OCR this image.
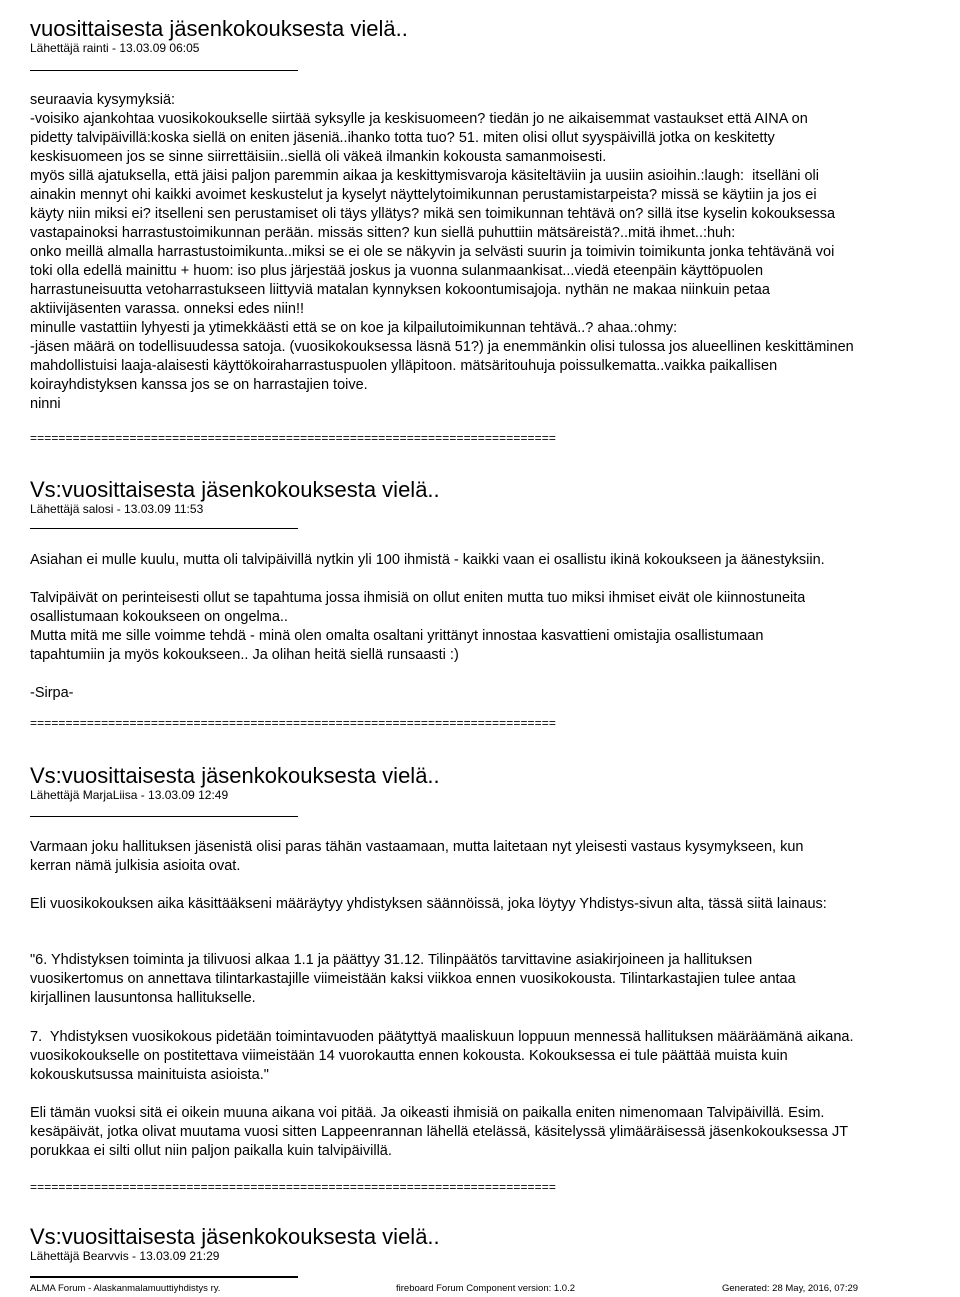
vuosittaisesta jäsenkokouksesta vielä..

Lähettäjä rainti - 13.03.09 06:05

seuraavia kysymyksiä:
-voisiko ajankohtaa vuosikokoukselle siirtää syksylle ja keskisuomeen? tiedän jo ne aikaisemmat vastaukset että AINA on
pidetty talvipäivillä:koska siellä on eniten jäseniä..ihanko totta tuo? 51. miten olisi ollut syyspäivillä jotka on keskitetty
keskisuomeen jos se sinne siirrettäisiin..siellä oli väkeä ilmankin kokousta samanmoisesti.
myös sillä ajatuksella, että jäisi paljon paremmin aikaa ja keskittymisvaroja käsiteltäviin ja uusiin asioihin.:laugh:  itselläni oli
ainakin mennyt ohi kaikki avoimet keskustelut ja kyselyt näyttelytoimikunnan perustamistarpeista? missä se käytiin ja jos ei
käyty niin miksi ei? itselleni sen perustamiset oli täys yllätys? mikä sen toimikunnan tehtävä on? sillä itse kyselin kokouksessa
vastapainoksi harrastustoimikunnan perään. missäs sitten? kun siellä puhuttiin mätsäreistä?..mitä ihmet..:huh:
onko meillä almalla harrastustoimikunta..miksi se ei ole se näkyvin ja selvästi suurin ja toimivin toimikunta jonka tehtävänä voi
toki olla edellä mainittu + huom: iso plus järjestää joskus ja vuonna sulanmaankisat...viedä eteenpäin käyttöpuolen
harrastuneisuutta vetoharrastukseen liittyviä matalan kynnyksen kokoontumisajoja. nythän ne makaa niinkuin petaa
aktiivijäsenten varassa. onneksi edes niin!!
minulle vastattiin lyhyesti ja ytimekkäästi että se on koe ja kilpailutoimikunnan tehtävä..? ahaa.:ohmy:
-jäsen määrä on todellisuudessa satoja. (vuosikokouksessa läsnä 51?) ja enemmänkin olisi tulossa jos alueellinen keskittäminen
mahdollistuisi laaja-alaisesti käyttökoiraharrastuspuolen ylläpitoon. mätsäritouhuja poissulkematta..vaikka paikallisen
koirayhdistyksen kanssa jos se on harrastajien toive.
ninni

==========================================================================

Vs:vuosittaisesta jäsenkokouksesta vielä..

Lähettäjä salosi - 13.03.09 11:53

Asiahan ei mulle kuulu, mutta oli talvipäivillä nytkin yli 100 ihmistä - kaikki vaan ei osallistu ikinä kokoukseen ja äänestyksiin.

Talvipäivät on perinteisesti ollut se tapahtuma jossa ihmisiä on ollut eniten mutta tuo miksi ihmiset eivät ole kiinnostuneita
osallistumaan kokoukseen on ongelma..
Mutta mitä me sille voimme tehdä - minä olen omalta osaltani yrittänyt innostaa kasvattieni omistajia osallistumaan
tapahtumiin ja myös kokoukseen.. Ja olihan heitä siellä runsaasti :)

-Sirpa-

==========================================================================

Vs:vuosittaisesta jäsenkokouksesta vielä..

Lähettäjä MarjaLiisa - 13.03.09 12:49

Varmaan joku hallituksen jäsenistä olisi paras tähän vastaamaan, mutta laitetaan nyt yleisesti vastaus kysymykseen, kun
kerran nämä julkisia asioita ovat.

Eli vuosikokouksen aika käsittääkseni määräytyy yhdistyksen säännöissä, joka löytyy Yhdistys-sivun alta, tässä siitä lainaus:

"6. Yhdistyksen toiminta ja tilivuosi alkaa 1.1 ja päättyy 31.12. Tilinpäätös tarvittavine asiakirjoineen ja hallituksen
vuosikertomus on annettava tilintarkastajille viimeistään kaksi viikkoa ennen vuosikokousta. Tilintarkastajien tulee antaa
kirjallinen lausuntonsa hallitukselle.

7.  Yhdistyksen vuosikokous pidetään toimintavuoden päätyttyä maaliskuun loppuun mennessä hallituksen määräämänä aikana.
vuosikokoukselle on postitettava viimeistään 14 vuorokautta ennen kokousta. Kokouksessa ei tule päättää muista kuin
kokouskutsussa mainituista asioista."

Eli tämän vuoksi sitä ei oikein muuna aikana voi pitää. Ja oikeasti ihmisiä on paikalla eniten nimenomaan Talvipäivillä. Esim.
kesäpäivät, jotka olivat muutama vuosi sitten Lappeenrannan lähellä etelässä, käsitelyssä ylimääräisessä jäsenkokouksessa JT
porukkaa ei silti ollut niin paljon paikalla kuin talvipäivillä.

==========================================================================

Vs:vuosittaisesta jäsenkokouksesta vielä..

Lähettäjä Bearvvis - 13.03.09 21:29

ALMA Forum - Alaskanmalamuuttiyhdistys ry.	fireboard Forum Component version: 1.0.2	Generated: 28 May, 2016, 07:29
